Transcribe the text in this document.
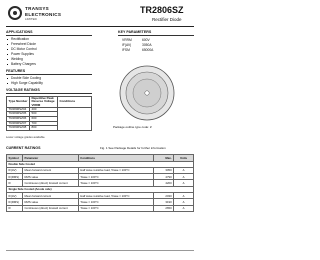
TRANSYS
ELECTRONICS
LIMITED
TR2806SZ
Rectifier Diode
APPLICATIONS
Rectification
Freewheel Diode
DC Motor Control
Power Supplies
Welding
Battery Chargers
FEATURES
Double Side Cooling
High Surge Capability
KEY PARAMETERS
VRRM	600V
IF(AV)	3050A
IFSM	65000A
VOLTAGE RATINGS
Type Number	Repetitive Peak Reverse Voltage VRRM	Conditions
TR2806SZ04	400	
TR2806SZ05	500	
TR2806SZ06	600	
TR2806SZ07	700	
TR2806SZ08	800	
Lower voltage grades available.
Package outline type code: Z
Fig. 1 See Package Details for further information
CURRENT RATINGS
Symbol	Parameter	Conditions	Max.	Units
Double Side Cooled				
IF(AV)	Mean forward current	Half wave resistive load, Tcase = 100°C	3050	A
IF(RMS)	RMS value	Tcase = 100°C	4790	A
IF	Continuous (direct) forward current	Tcase = 100°C	4200	A
Single Side Cooled (Anode side)				
IF(AV)	Mean forward current	Half wave resistive load, Tcase = 100°C	2030	A
IF(RMS)	RMS value	Tcase = 100°C	3190	A
IF	Continuous (direct) forward current	Tcase = 100°C	2650	A
